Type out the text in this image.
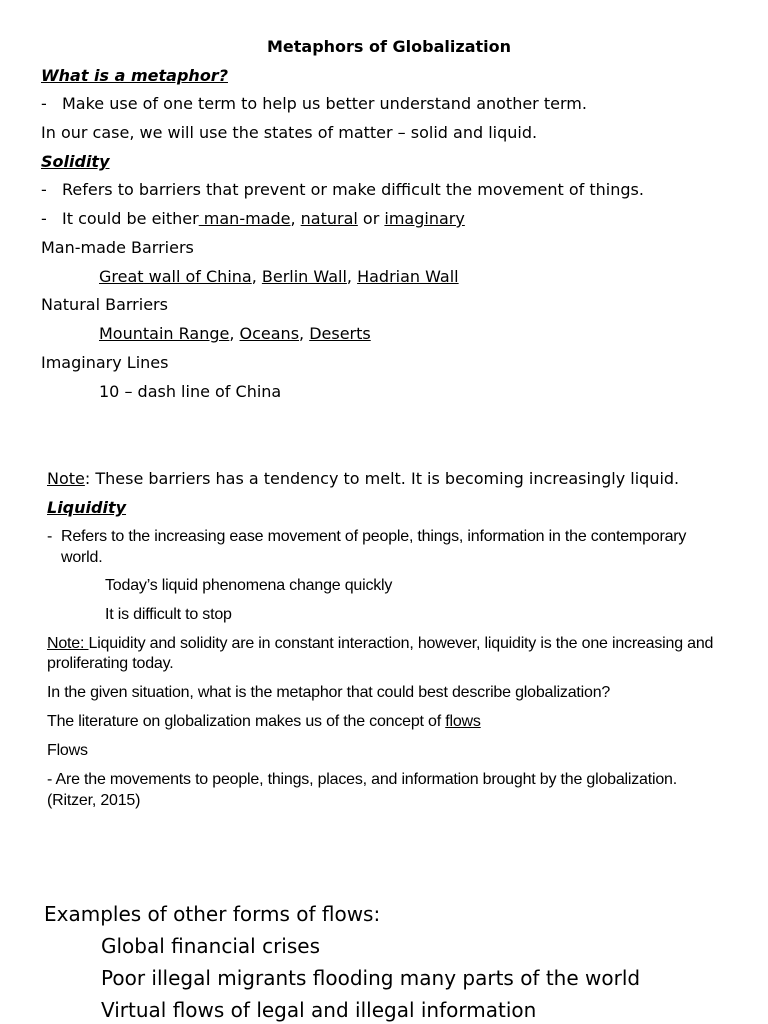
Metaphors of Globalization
What is a metaphor?
- Make use of one term to help us better understand another term.
In our case, we will use the states of matter – solid and liquid.
Solidity
- Refers to barriers that prevent or make difficult the movement of things.
- It could be either man-made, natural or imaginary
Man-made Barriers
Great wall of China, Berlin Wall, Hadrian Wall
Natural Barriers
Mountain Range, Oceans, Deserts
Imaginary Lines
10 – dash line of China
Note: These barriers has a tendency to melt. It is becoming increasingly liquid.
Liquidity
- Refers to the increasing ease movement of people, things, information in the contemporary
world.
Today’s liquid phenomena change quickly
It is difficult to stop
Note: Liquidity and solidity are in constant interaction, however, liquidity is the one increasing and
proliferating today.
In the given situation, what is the metaphor that could best describe globalization?
The literature on globalization makes us of the concept of flows
Flows
- Are the movements to people, things, places, and information brought by the globalization.
(Ritzer, 2015)
Examples of other forms of flows:
Global financial crises
Poor illegal migrants flooding many parts of the world
Virtual flows of legal and illegal information
